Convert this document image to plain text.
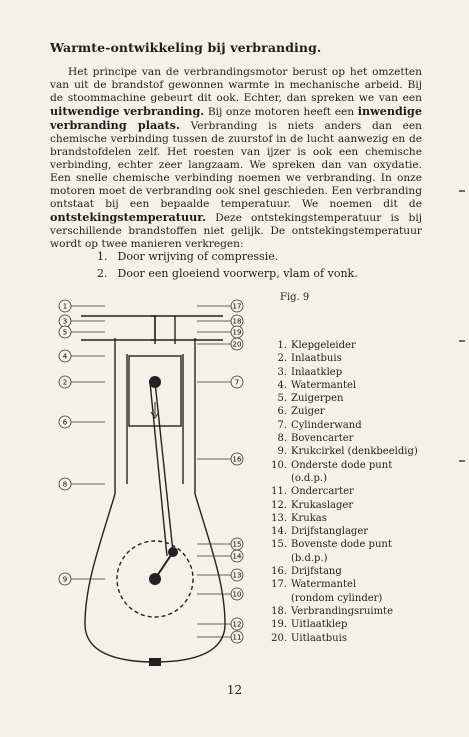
Warmte-ontwikkeling bij verbranding.

Het principe van de verbrandingsmotor berust op het omzetten van uit de brandstof gewonnen warmte in mechanische arbeid. Bij de stoommachine gebeurt dit ook. Echter, dan spreken we van een uitwendige verbranding. Bij onze motoren heeft een inwendige verbranding plaats. Verbranding is niets anders dan een chemische verbinding tussen de zuurstof in de lucht aanwezig en de brandstofdelen zelf. Het roesten van ijzer is ook een chemische verbinding, echter zeer langzaam. We spreken dan van oxydatie. Een snelle chemische verbinding noemen we verbranding. In onze motoren moet de verbranding ook snel geschieden. Een verbranding ontstaat bij een bepaalde temperatuur. We noemen dit de ontstekingstemperatuur. Deze ontstekingstemperatuur is bij verschillende brandstoffen niet gelijk. De ontstekingstemperatuur wordt op twee manieren verkregen:

1. Door wrijving of compressie.
2. Door een gloeiend voorwerp, vlam of vonk.
Fig. 9
1
3
5
4
2	7
6
16
8
9
15
14
13
10
12
11
18
19
20
17
1. Klepgeleider
2. Inlaatbuis
3. Inlaatklep
4. Watermantel
5. Zuigerpen
6. Zuiger
7. Cylinderwand
8. Bovencarter
9. Krukcirkel (denkbeeldig)
10. Onderste dode punt
(o.d.p.)
11. Ondercarter
12. Krukaslager
13. Krukas
14. Drijfstanglager
15. Bovenste dode punt
(b.d.p.)
16. Drijfstang
17. Watermantel
(rondom cylinder)
18. Verbrandingsruimte
19. Uitlaatklep
20. Uitlaatbuis
12
